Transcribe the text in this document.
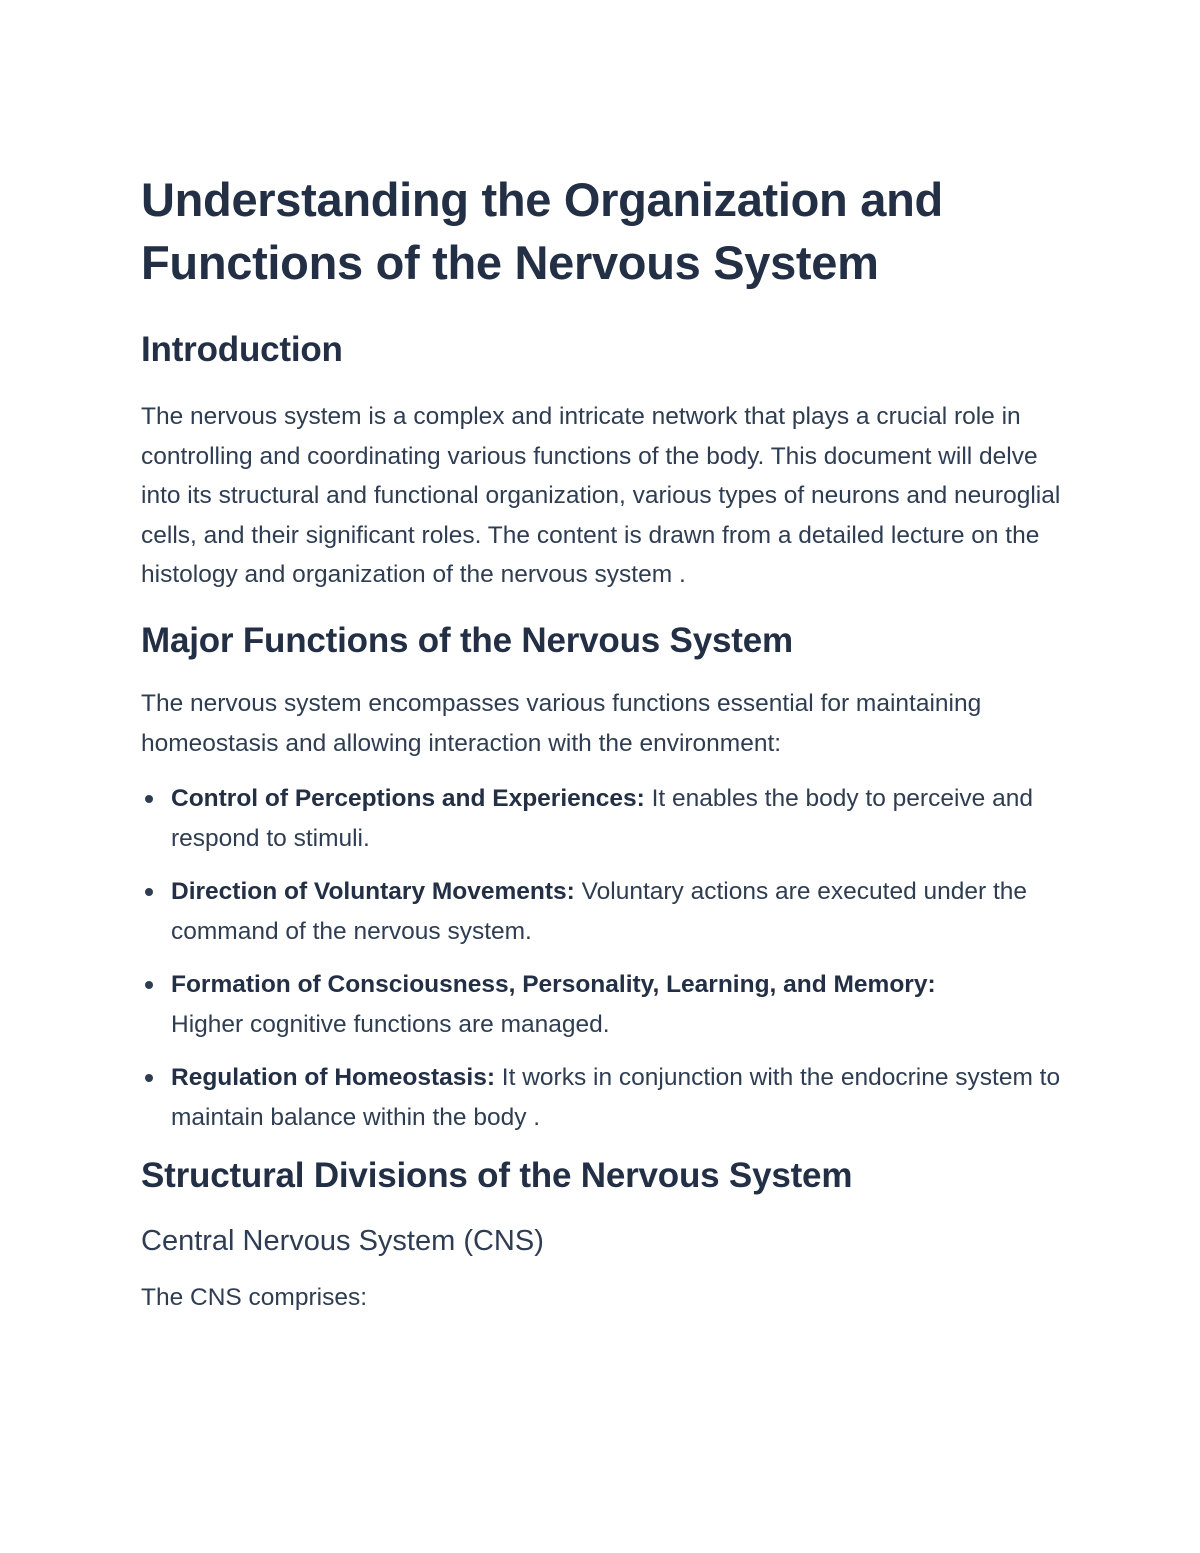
Understanding the Organization and Functions of the Nervous System
Introduction

The nervous system is a complex and intricate network that plays a crucial role in controlling and coordinating various functions of the body. This document will delve into its structural and functional organization, various types of neurons and neuroglial cells, and their significant roles. The content is drawn from a detailed lecture on the histology and organization of the nervous system .

Major Functions of the Nervous System

The nervous system encompasses various functions essential for maintaining homeostasis and allowing interaction with the environment:

Control of Perceptions and Experiences: It enables the body to perceive and respond to stimuli.
Direction of Voluntary Movements: Voluntary actions are executed under the command of the nervous system.
Formation of Consciousness, Personality, Learning, and Memory:
Higher cognitive functions are managed.
Regulation of Homeostasis: It works in conjunction with the endocrine system to maintain balance within the body .
Structural Divisions of the Nervous System
Central Nervous System (CNS)

The CNS comprises:
